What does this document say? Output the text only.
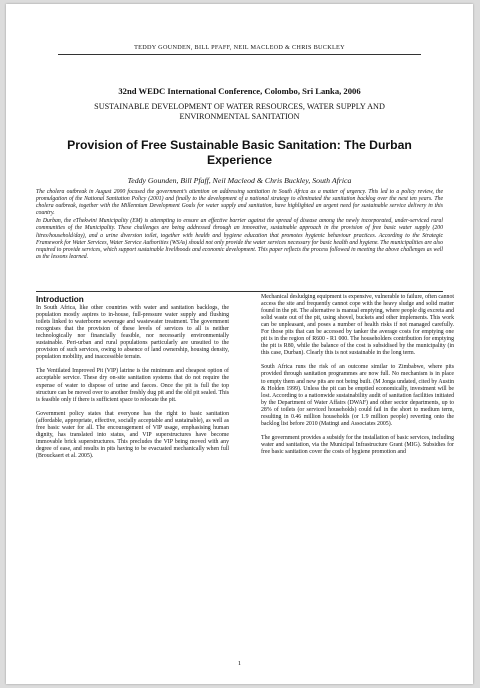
TEDDY GOUNDEN, BILL PFAFF, NEIL MACLEOD & CHRIS BUCKLEY
32nd WEDC International Conference, Colombo, Sri Lanka, 2006
SUSTAINABLE DEVELOPMENT OF WATER RESOURCES, WATER SUPPLY AND ENVIRONMENTAL SANITATION
Provision of Free Sustainable Basic Sanitation: The Durban Experience
Teddy Gounden, Bill Pfaff, Neil Macleod & Chris Buckley, South Africa

The cholera outbreak in August 2000 focused the government’s attention on addressing sanitation in South Africa as a matter of urgency. This led to a policy review, the promulgation of the National Sanitation Policy (2001) and finally to the development of a national strategy to eliminated the sanitation backlog over the next ten years. The cholera outbreak, together with the Millennium Development Goals for water supply and sanitation, have highlighted an urgent need for sustainable service delivery in this country.

In Durban, the eThekwini Municipality (EM) is attempting to ensure an effective barrier against the spread of disease among the newly incorporated, under-serviced rural communities of the Municipality. These challenges are being addressed through an innovative, sustainable approach in the provision of free basic water supply (200 litres/household/day), and a urine diversion toilet, together with health and hygiene education that promotes hygienic behaviour practices. According to the Strategic Framework for Water Services, Water Service Authorities (WSAs) should not only provide the water services necessary for basic health and hygiene. The municipalities are also required to provide services, which support sustainable livelihoods and economic development. This paper reflects the process followed in meeting the above challenges as well as the lessons learned.

Introduction

In South Africa, like other countries with water and sanitation backlogs, the population mostly aspires to in-house, full-pressure water supply and flushing toilets linked to waterborne sewerage and wastewater treatment. The government recognises that the provision of these levels of services to all is neither technologically nor financially feasible, nor necessarily environmentally sustainable. Peri-urban and rural populations particularly are unsuited to the provision of such services, owing to absence of land ownership, housing density, population mobility, and inaccessible terrain.

The Ventilated Improved Pit (VIP) latrine is the minimum and cheapest option of acceptable service. These dry on-site sanitation systems that do not require the expense of water to dispose of urine and faeces. Once the pit is full the top structure can be moved over to another freshly dug pit and the old pit sealed. This is feasible only if there is sufficient space to relocate the pit.

Government policy states that everyone has the right to basic sanitation (affordable, appropriate, effective, socially acceptable and sustainable), as well as free basic water for all. The encouragement of VIP usage, emphasising human dignity, has translated into status, and VIP superstructures have become immovable brick superstructures. This precludes the VIP being moved with any degree of ease, and results in pits having to be evacuated mechanically when full (Brouckaert et al. 2005).

Mechanical desludging equipment is expensive, vulnerable to failure, often cannot access the site and frequently cannot cope with the heavy sludge and solid matter found in the pit. The alternative is manual emptying, where people dig excreta and solid waste out of the pit, using shovel, buckets and other implements. This work can be unpleasant, and poses a number of health risks if not managed carefully. For those pits that can be accessed by tanker the average costs for emptying one pit is in the region of R600 - R1 000. The householders contribution for emptying the pit is R80, while the balance of the cost is subsidised by the municipality (in this case, Durban). Clearly this is not sustainable in the long term.

South Africa runs the risk of an outcome similar to Zimbabwe, where pits provided through sanitation programmes are now full. No mechanism is in place to empty them and new pits are not being built. (M Jonga undated, cited by Austin & Holden 1999). Unless the pit can be emptied economically, investment will be lost. According to a nationwide sustainability audit of sanitation facilities initiated by the Department of Water Affairs (DWAF) and other sector departments, up to 28% of toilets (or serviced households) could fail in the short to medium term, resulting in 0.46 million households (or 1.9 million people) reverting onto the backlog list before 2010 (Matingi and Associates 2005).

The government provides a subsidy for the installation of basic services, including water and sanitation, via the Municipal Infrastructure Grant (MIG). Subsidies for free basic sanitation cover the costs of hygiene promotion and

1
